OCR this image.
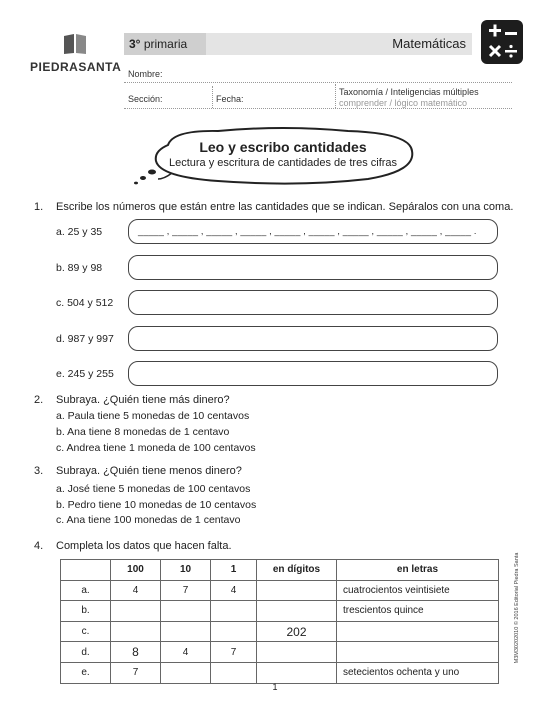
PIEDRASANTA
3° primaria	Matemáticas
Nombre:
Sección:	Fecha:
Taxonomía / Inteligencias múltiples
comprender / lógico matemático
Leo y escribo cantidades
Lectura y escritura de cantidades de tres cifras
1. Escribe los números que están entre las cantidades que se indican. Sepáralos con una coma.
a. 25 y 35	_____ , _____ , _____ , _____ , _____ , _____ , _____ , _____ , _____ , _____ .
b. 89 y 98
c. 504 y 512
d. 987 y 997
e. 245 y 255
2. Subraya. ¿Quién tiene más dinero?
a. Paula tiene 5 monedas de 10 centavos
b. Ana tiene 8 monedas de 1 centavo
c. Andrea tiene 1 moneda de 100 centavos
3. Subraya. ¿Quién tiene menos dinero?
a. José tiene 5 monedas de 100 centavos
b. Pedro tiene 10 monedas de 10 centavos
c. Ana tiene 100 monedas de 1 centavo
4. Completa los datos que hacen falta.
	100	10	1	en dígitos	en letras
a.	4	7	4		cuatrocientos veintisiete
b.					trescientos quince
c.				202	
d.	8	4	7		
e.	7				setecientos ochenta y uno
M3M30202010 © 2016 Editorial Piedra Santa
1
